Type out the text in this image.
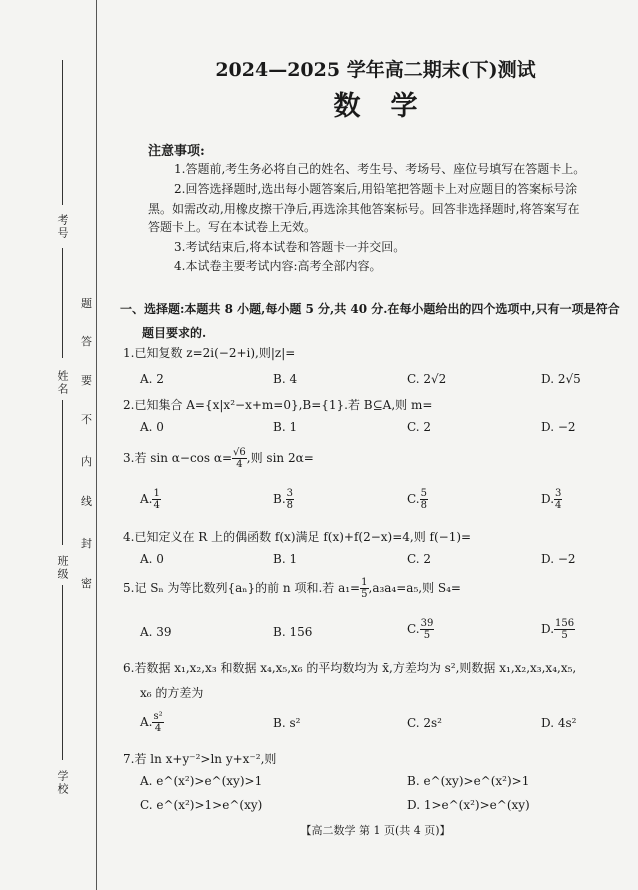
考号
姓名
班级
学校
题
答
要
不
内
线
封
密
2024—2025 学年高二期末(下)测试
数学
注意事项:
1.答题前,考生务必将自己的姓名、考生号、考场号、座位号填写在答题卡上。
2.回答选择题时,选出每小题答案后,用铅笔把答题卡上对应题目的答案标号涂
黑。如需改动,用橡皮擦干净后,再选涂其他答案标号。回答非选择题时,将答案写在
答题卡上。写在本试卷上无效。
3.考试结束后,将本试卷和答题卡一并交回。
4.本试卷主要考试内容:高考全部内容。
一、选择题:本题共 8 小题,每小题 5 分,共 40 分.在每小题给出的四个选项中,只有一项是符合
题目要求的.
1.已知复数 z=2i(−2+i),则|z|=
A. 2	B. 4	C. 2√2	D. 2√5
2.已知集合 A={x|x²−x+m=0},B={1}.若 B⊆A,则 m=
A. 0	B. 1	C. 2	D. −2
3.若 sin α−cos $\alpha= \frac{√6}{4}$ ,则 sin 2α=
A. $\frac{1}{4}$	B. $\frac{3}{8}$	C. $\frac{5}{8}$	D. $\frac{3}{4}$
4.已知定义在 R 上的偶函数 f(x)满足 f(x)+f(2−x)=4,则 f(−1)=
A. 0	B. 1	C. 2	D. −2
5.记 Sₙ 为等比数列{aₙ}的前 n 项和.若 $a_1= \frac{1}{5} ,a_3a_4=a_5$,则 S₄=
A. 39	B. 156	C. $\frac{39}{5}$	D. $\frac{156}{5}$
6.若数据 x₁,x₂,x₃ 和数据 x₄,x₅,x₆ 的平均数均为 x̄,方差均为 s²,则数据 x₁,x₂,x₃,x₄,x₅,
x₆ 的方差为
A. $\frac{\text{s²}}{4}$	B. s²	C. 2s²	D. 4s²
7.若 ln x+y⁻²>ln y+x⁻²,则
A. e^(x²)>e^(xy)>1	B. e^(xy)>e^(x²)>1
C. e^(x²)>1>e^(xy)	D. 1>e^(x²)>e^(xy)
【高二数学 第 1 页(共 4 页)】
